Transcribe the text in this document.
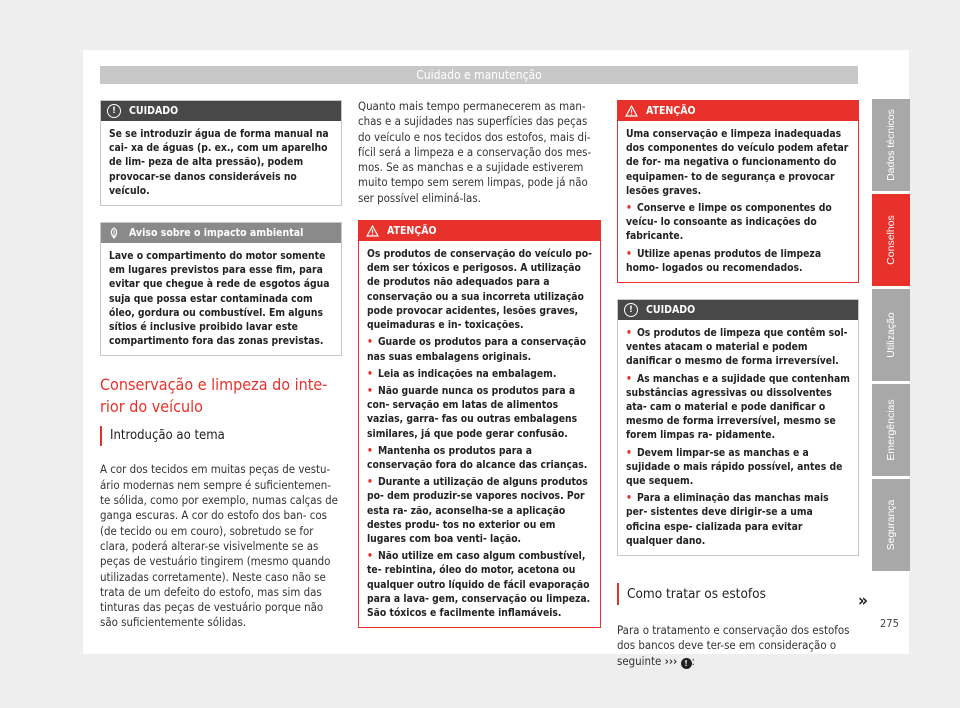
Cuidado e manutenção
!	CUIDADO

Se se introduzir água de forma manual na cai- xa de águas (p. ex., com um aparelho de lim- peza de alta pressão), podem provocar-se danos consideráveis no veículo.

Aviso sobre o impacto ambiental

Lave o compartimento do motor somente em lugares previstos para esse fim, para evitar que chegue à rede de esgotos água suja que possa estar contaminada com óleo, gordura ou combustível. Em alguns sítios é inclusive proibido lavar este compartimento fora das zonas previstas.

Conservação e limpeza do inte- rior do veículo
Introdução ao tema

A cor dos tecidos em muitas peças de vestu- ário modernas nem sempre é suficientemen- te sólida, como por exemplo, numas calças de ganga escuras. A cor do estofo dos ban- cos (de tecido ou em couro), sobretudo se for clara, poderá alterar-se visivelmente se as peças de vestuário tingirem (mesmo quando utilizadas corretamente). Neste caso não se trata de um defeito do estofo, mas sim das tinturas das peças de vestuário porque não são suficientemente sólidas.

Quanto mais tempo permanecerem as man- chas e a sujidades nas superfícies das peças do veículo e nos tecidos dos estofos, mais di- fícil será a limpeza e a conservação dos mes- mos. Se as manchas e a sujidade estiverem muito tempo sem serem limpas, pode já não ser possível eliminá-las.

ATENÇÃO

Os produtos de conservação do veículo po- dem ser tóxicos e perigosos. A utilização de produtos não adequados para a conservação ou a sua incorreta utilização pode provocar acidentes, lesões graves, queimaduras e in- toxicações.

• Guarde os produtos para a conservação nas suas embalagens originais.

• Leia as indicações na embalagem.

• Não guarde nunca os produtos para a con- servação em latas de alimentos vazias, garra- fas ou outras embalagens similares, já que pode gerar confusão.

• Mantenha os produtos para a conservação fora do alcance das crianças.

• Durante a utilização de alguns produtos po- dem produzir-se vapores nocivos. Por esta ra- zão, aconselha-se a aplicação destes produ- tos no exterior ou em lugares com boa venti- lação.

• Não utilize em caso algum combustível, te- rebintina, óleo do motor, acetona ou qualquer outro líquido de fácil evaporação para a lava- gem, conservação ou limpeza. São tóxicos e facilmente inflamáveis.

ATENÇÃO

Uma conservação e limpeza inadequadas dos componentes do veículo podem afetar de for- ma negativa o funcionamento do equipamen- to de segurança e provocar lesões graves.

• Conserve e limpe os componentes do veícu- lo consoante as indicações do fabricante.

• Utilize apenas produtos de limpeza homo- logados ou recomendados.

!	CUIDADO

• Os produtos de limpeza que contêm sol- ventes atacam o material e podem danificar o mesmo de forma irreversível.

• As manchas e a sujidade que contenham substâncias agressivas ou dissolventes ata- cam o material e pode danificar o mesmo de forma irreversível, mesmo se forem limpas ra- pidamente.

• Devem limpar-se as manchas e a sujidade o mais rápido possível, antes de que sequem.

• Para a eliminação das manchas mais per- sistentes deve dirigir-se a uma oficina espe- cializada para evitar qualquer dano.

Como tratar os estofos

Para o tratamento e conservação dos estofos dos bancos deve ter-se em consideração o seguinte ››› ! :

»
Dados técnicos
Conselhos
Utilização
Emergências
Segurança
275
